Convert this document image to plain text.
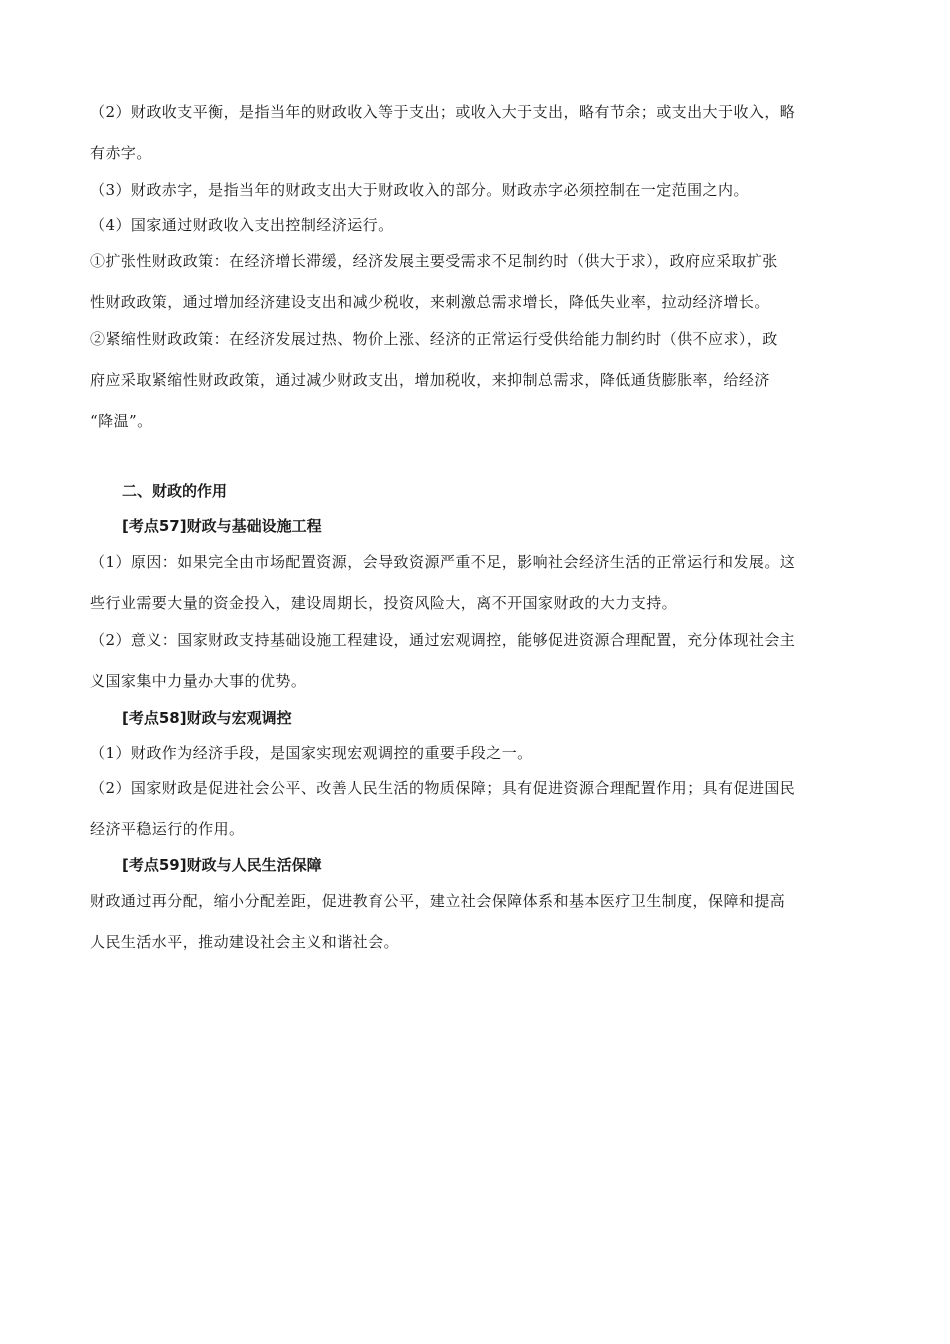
（2）财政收支平衡，是指当年的财政收入等于支出；或收入大于支出，略有节余；或支出大于收入，略
有赤字。
（3）财政赤字，是指当年的财政支出大于财政收入的部分。财政赤字必须控制在一定范围之内。
（4）国家通过财政收入支出控制经济运行。
①扩张性财政政策：在经济增长滞缓，经济发展主要受需求不足制约时（供大于求），政府应采取扩张
性财政政策，通过增加经济建设支出和减少税收，来刺激总需求增长，降低失业率，拉动经济增长。
②紧缩性财政政策：在经济发展过热、物价上涨、经济的正常运行受供给能力制约时（供不应求），政
府应采取紧缩性财政政策，通过减少财政支出，增加税收，来抑制总需求，降低通货膨胀率，给经济
“降温”。
二、财政的作用
[考点57]财政与基础设施工程
（1）原因：如果完全由市场配置资源，会导致资源严重不足，影响社会经济生活的正常运行和发展。这
些行业需要大量的资金投入，建设周期长，投资风险大，离不开国家财政的大力支持。
（2）意义：国家财政支持基础设施工程建设，通过宏观调控，能够促进资源合理配置，充分体现社会主
义国家集中力量办大事的优势。
[考点58]财政与宏观调控
（1）财政作为经济手段，是国家实现宏观调控的重要手段之一。
（2）国家财政是促进社会公平、改善人民生活的物质保障；具有促进资源合理配置作用；具有促进国民
经济平稳运行的作用。
[考点59]财政与人民生活保障
财政通过再分配，缩小分配差距，促进教育公平，建立社会保障体系和基本医疗卫生制度，保障和提高
人民生活水平，推动建设社会主义和谐社会。
